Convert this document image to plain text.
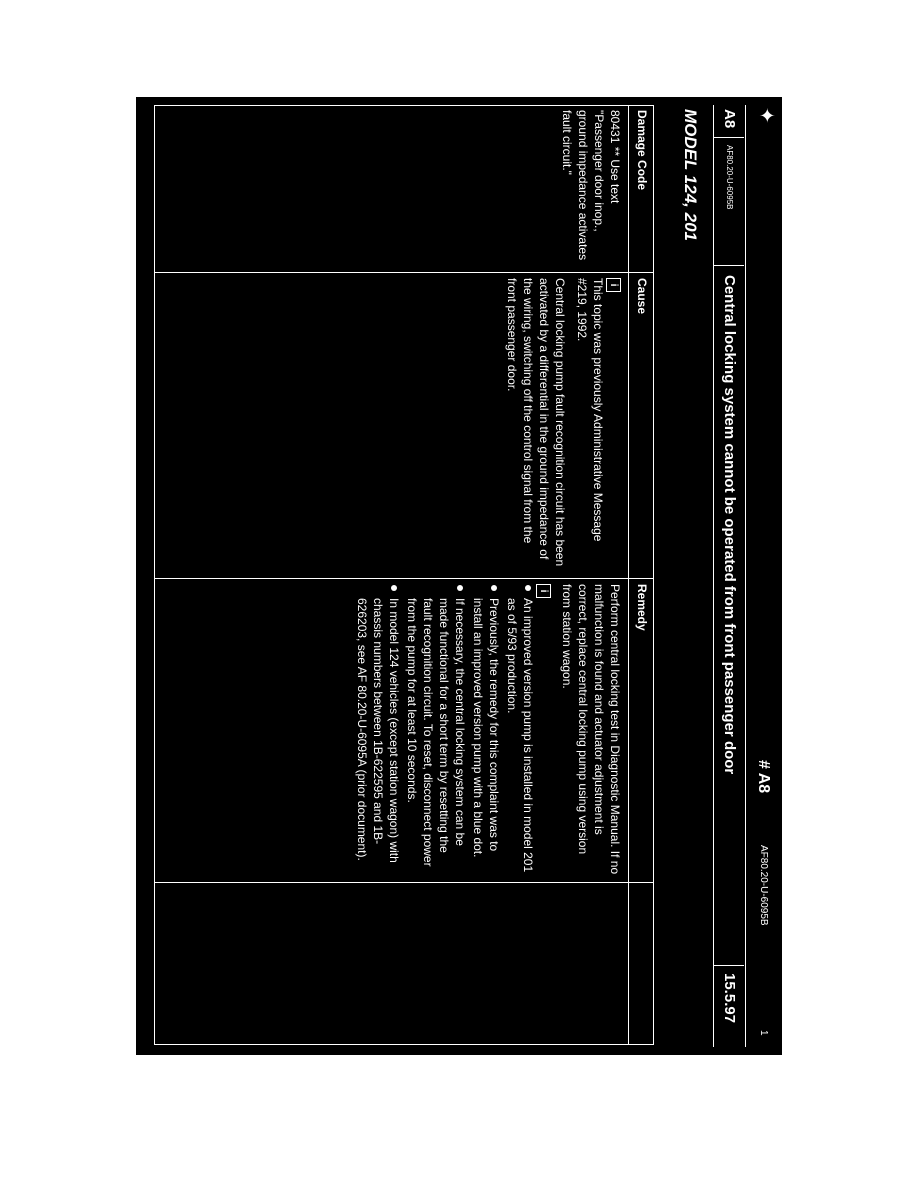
✦
# A8
AF80.20-U-6095B
1
A8
AF80.20-U-6095B
Central locking system cannot be operated from front passenger door
15.5.97
MODEL 124, 201
Damage Code
Cause
Remedy

80431 ** Use text

"Passenger door inop., ground impedance activates fault circuit."

i

This topic was previously Administrative Message #219, 1992.

Central locking pump fault recognition circuit has been activated by a differential in the ground impedance of the wiring, switching off the control signal from the front passenger door.

Perform central locking test in Diagnostic Manual. If no malfunction is found and actuator adjustment is correct, replace central locking pump using version from station wagon.

i

An improved version pump is installed in model 201 as of 5/93 production.
Previously, the remedy for this complaint was to install an improved version pump with a blue dot.
If necessary, the central locking system can be made functional for a short term by resetting the fault recognition circuit. To reset, disconnect power from the pump for at least 10 seconds.
In model 124 vehicles (except station wagon) with chassis numbers between 1B-622595 and 1B-626203, see AF 80.20-U-6095A (prior document).
